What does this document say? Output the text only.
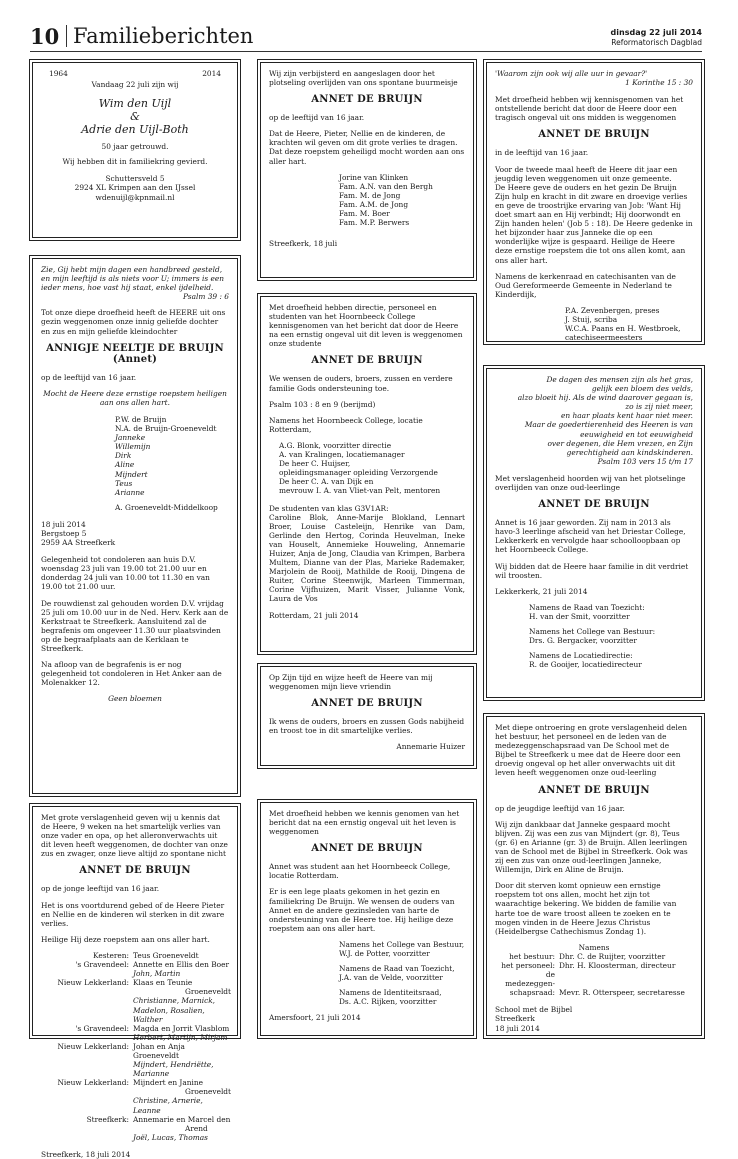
10 Familieberichten	dinsdag 22 juli 2014
Reformatorisch Dagblad
1964	2014

Vandaag 22 juli zijn wij

Wim den Uijl
&
Adrie den Uijl-Both

50 jaar getrouwd.

Wij hebben dit in familiekring gevierd.

Schuttersveld 5
2924 XL Krimpen aan den IJssel
wdenuijl@kpnmail.nl
Zie, Gij hebt mijn dagen een handbreed gesteld,
en mijn leeftijd is als niets voor U; immers is een
ieder mens, hoe vast hij staat, enkel ijdelheid.
Psalm 39 : 6

Tot onze diepe droefheid heeft de HEERE uit ons gezin weggenomen onze innig geliefde dochter en zus en mijn geliefde kleindochter

ANNIGJE NEELTJE DE BRUIJN
(Annet)

op de leeftijd van 16 jaar.

Mocht de Heere deze ernstige roepstem heiligen
aan ons allen hart.
P.W. de Bruijn
N.A. de Bruijn-Groeneveldt
Janneke
Willemijn
Dirk
Aline
Mijndert
Teus
Arianne
A. Groeneveldt-Middelkoop
18 juli 2014
Bergstoep 5
2959 AA Streefkerk

Gelegenheid tot condoleren aan huis D.V. woensdag 23 juli van 19.00 tot 21.00 uur en donderdag 24 juli van 10.00 tot 11.30 en van 19.00 tot 21.00 uur.

De rouwdienst zal gehouden worden D.V. vrijdag 25 juli om 10.00 uur in de Ned. Herv. Kerk aan de Kerkstraat te Streefkerk. Aansluitend zal de begrafenis om ongeveer 11.30 uur plaatsvinden op de begraafplaats aan de Kerklaan te Streefkerk.

Na afloop van de begrafenis is er nog gelegenheid tot condoleren in Het Anker aan de Molenakker 12.

Geen bloemen

Met grote verslagenheid geven wij u kennis dat de Heere, 9 weken na het smartelijk verlies van onze vader en opa, op het alleronverwachts uit dit leven heeft weggenomen, de dochter van onze zus en zwager, onze lieve altijd zo spontane nicht

ANNET DE BRUIJN

op de jonge leeftijd van 16 jaar.

Het is ons voortdurend gebed of de Heere Pieter en Nellie en de kinderen wil sterken in dit zware verlies.

Heilige Hij deze roepstem aan ons aller hart.

Kesteren: Teus Groeneveldt
's Gravendeel: Annette en Ellis den Boer
John, Martin
Nieuw Lekkerland: Klaas en Teunie
Groeneveldt
Christianne, Marnick,
Madelon, Rosalien, Walther
's Gravendeel: Magda en Jorrit Vlasblom
Herbert, Martijn, Mirjam
Nieuw Lekkerland: Johan en Anja Groeneveldt
Mijndert, Hendriëtte,
Marianne
Nieuw Lekkerland: Mijndert en Janine
Groeneveldt
Christine, Arnerie, Leanne
Streefkerk: Annemarie en Marcel den
Arend
Joël, Lucas, Thomas
Streefkerk, 18 juli 2014

Wij zijn verbijsterd en aangeslagen door het plotseling overlijden van ons spontane buurmeisje

ANNET DE BRUIJN

op de leeftijd van 16 jaar.

Dat de Heere, Pieter, Nellie en de kinderen, de krachten wil geven om dit grote verlies te dragen. Dat deze roepstem geheiligd mocht worden aan ons aller hart.

Jorine van Klinken
Fam. A.N. van den Bergh
Fam. M. de Jong
Fam. A.M. de Jong
Fam. M. Boer
Fam. M.P. Berwers
Streefkerk, 18 juli

Met droefheid hebben directie, personeel en studenten van het Hoornbeeck College kennisgenomen van het bericht dat door de Heere na een ernstig ongeval uit dit leven is weggenomen onze studente

ANNET DE BRUIJN

We wensen de ouders, broers, zussen en verdere familie Gods ondersteuning toe.

Psalm 103 : 8 en 9 (berijmd)

Namens het Hoornbeeck College, locatie Rotterdam,

A.G. Blonk, voorzitter directie
A. van Kralingen, locatiemanager
De heer C. Huijser,
opleidingsmanager opleiding Verzorgende
De heer C. A. van Dijk en
mevrouw I. A. van Vliet-van Pelt, mentoren
De studenten van klas G3V1AR:

Caroline Blok, Anne-Marije Blokland, Lennart Broer, Louise Casteleijn, Henrike van Dam, Gerlinde den Hertog, Corinda Heuvelman, Ineke van Houselt, Annemieke Houweling, Annemarie Huizer, Anja de Jong, Claudia van Krimpen, Barbera Multem, Dianne van der Plas, Marieke Rademaker, Marjolein de Rooij, Mathilde de Rooij, Dingena de Ruiter, Corine Steenwijk, Marleen Timmerman, Corine Vijfhuizen, Marit Visser, Julianne Vonk, Laura de Vos

Rotterdam, 21 juli 2014

Op Zijn tijd en wijze heeft de Heere van mij weggenomen mijn lieve vriendin

ANNET DE BRUIJN

Ik wens de ouders, broers en zussen Gods nabijheid en troost toe in dit smartelijke verlies.

Annemarie Huizer

Met droefheid hebben we kennis genomen van het bericht dat na een ernstig ongeval uit het leven is weggenomen

ANNET DE BRUIJN

Annet was student aan het Hoornbeeck College, locatie Rotterdam.

Er is een lege plaats gekomen in het gezin en familiekring De Bruijn. We wensen de ouders van Annet en de andere gezinsleden van harte de ondersteuning van de Heere toe. Hij heilige deze roepstem aan ons aller hart.

Namens het College van Bestuur,
W.J. de Potter, voorzitter
Namens de Raad van Toezicht,
J.A. van de Velde, voorzitter
Namens de Identiteitsraad,
Ds. A.C. Rijken, voorzitter
Amersfoort, 21 juli 2014
'Waarom zijn ook wij alle uur in gevaar?'
1 Korinthe 15 : 30

Met droefheid hebben wij kennisgenomen van het ontstellende bericht dat door de Heere door een tragisch ongeval uit ons midden is weggenomen

ANNET DE BRUIJN

in de leeftijd van 16 jaar.

Voor de tweede maal heeft de Heere dit jaar een jeugdig leven weggenomen uit onze gemeente.

De Heere geve de ouders en het gezin De Bruijn Zijn hulp en kracht in dit zware en droevige verlies en geve de troostrijke ervaring van Job: 'Want Hij doet smart aan en Hij verbindt; Hij doorwondt en Zijn handen helen' (Job 5 : 18). De Heere gedenke in het bijzonder haar zus Janneke die op een wonderlijke wijze is gespaard. Heilige de Heere deze ernstige roepstem die tot ons allen komt, aan ons aller hart.

Namens de kerkenraad en catechisanten van de Oud Gereformeerde Gemeente in Nederland te Kinderdijk,

P.A. Zevenbergen, preses
J. Stuij, scriba
W.C.A. Paans en H. Westbroek,
catechiseermeesters
De dagen des mensen zijn als het gras,
gelijk een bloem des velds,
alzo bloeit hij. Als de wind daarover gegaan is,
zo is zij niet meer,
en haar plaats kent haar niet meer.
Maar de goedertierenheid des Heeren is van
eeuwigheid en tot eeuwigheid
over degenen, die Hem vrezen, en Zijn
gerechtigheid aan kindskinderen.
Psalm 103 vers 15 t/m 17

Met verslagenheid hoorden wij van het plotselinge overlijden van onze oud-leerlinge

ANNET DE BRUIJN

Annet is 16 jaar geworden. Zij nam in 2013 als havo-3 leerlinge afscheid van het Driestar College, Lekkerkerk en vervolgde haar schoolloopbaan op het Hoornbeeck College.

Wij bidden dat de Heere haar familie in dit verdriet wil troosten.

Lekkerkerk, 21 juli 2014

Namens de Raad van Toezicht:
H. van der Smit, voorzitter
Namens het College van Bestuur:
Drs. G. Bergacker, voorzitter
Namens de Locatiedirectie:
R. de Gooijer, locatiedirecteur

Met diepe ontroering en grote verslagenheid delen het bestuur, het personeel en de leden van de medezeggenschapsraad van De School met de Bijbel te Streefkerk u mee dat de Heere door een droevig ongeval op het aller onverwachts uit dit leven heeft weggenomen onze oud-leerling

ANNET DE BRUIJN

op de jeugdige leeftijd van 16 jaar.

Wij zijn dankbaar dat Janneke gespaard mocht blijven. Zij was een zus van Mijndert (gr. 8), Teus (gr. 6) en Arianne (gr. 3) de Bruijn. Allen leerlingen van de School met de Bijbel in Streefkerk. Ook was zij een zus van onze oud-leerlingen Janneke, Willemijn, Dirk en Aline de Bruijn.

Door dit sterven komt opnieuw een ernstige roepstem tot ons allen, mocht het zijn tot waarachtige bekering. We bidden de familie van harte toe de ware troost alleen te zoeken en te mogen vinden in de Heere Jezus Christus (Heidelbergse Cathechismus Zondag 1).

Namens
het bestuur: Dhr. C. de Ruijter, voorzitter
het personeel: Dhr. H. Kloosterman, directeur
de medezeggen-
schapsraad: Mevr. R. Otterspeer, secretaresse
School met de Bijbel
Streefkerk
18 juli 2014
